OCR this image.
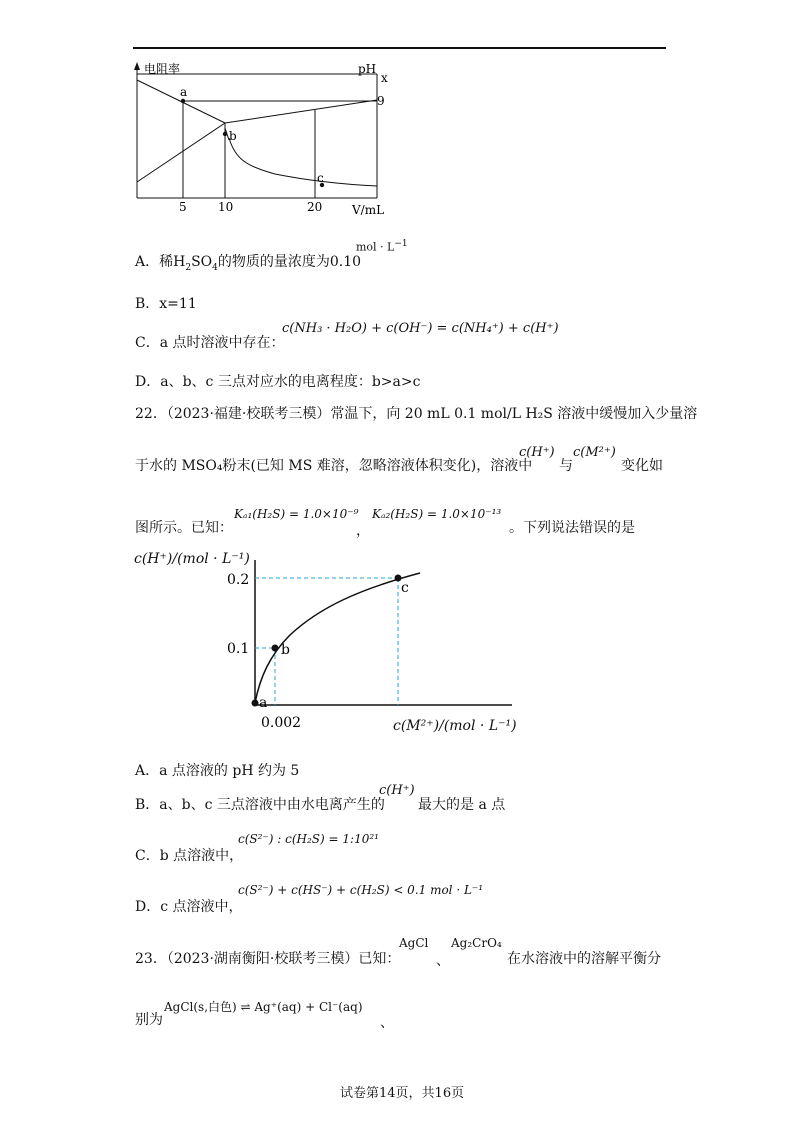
a
b
c
电阻率	pH
x
9
5	10	20 V/mL
A．稀$H_2SO_4$的物质的量浓度为0.10
mol · $L^{-1}$
B．x=11
C．a 点时溶液中存在：
c(NH₃ · H₂O) + c(OH⁻) = c(NH₄⁺) + c(H⁺)
D．a、b、c 三点对应水的电离程度：b>a>c
22．（2023·福建·校联考三模）常温下，向 20 mL 0.1 mol/L H₂S 溶液中缓慢加入少量溶
于水的 MSO₄粉末(已知 MS 难溶，忽略溶液体积变化)，溶液中
c(H⁺)
与
c(M²⁺)
变化如
图所示。已知：
Kₐ₁(H₂S) = 1.0×10⁻⁹
，
Kₐ₂(H₂S) = 1.0×10⁻¹³
。下列说法错误的是
a
b
c
0.2
0.1
0.002
c(H⁺)/(mol · L⁻¹)
c(M²⁺)/(mol · L⁻¹)
A．a 点溶液的 pH 约为 5
B．a、b、c 三点溶液中由水电离产生的
c(H⁺)
最大的是 a 点
C．b 点溶液中，
c(S²⁻) : c(H₂S) = 1:10²¹
D．c 点溶液中，
c(S²⁻) + c(HS⁻) + c(H₂S) < 0.1 mol · L⁻¹
23．（2023·湖南衡阳·校联考三模）已知：
AgCl
、
Ag₂CrO₄
在水溶液中的溶解平衡分
别为
AgCl(s,白色) ⇌ Ag⁺(aq) + Cl⁻(aq)
、
试卷第14页，共16页
